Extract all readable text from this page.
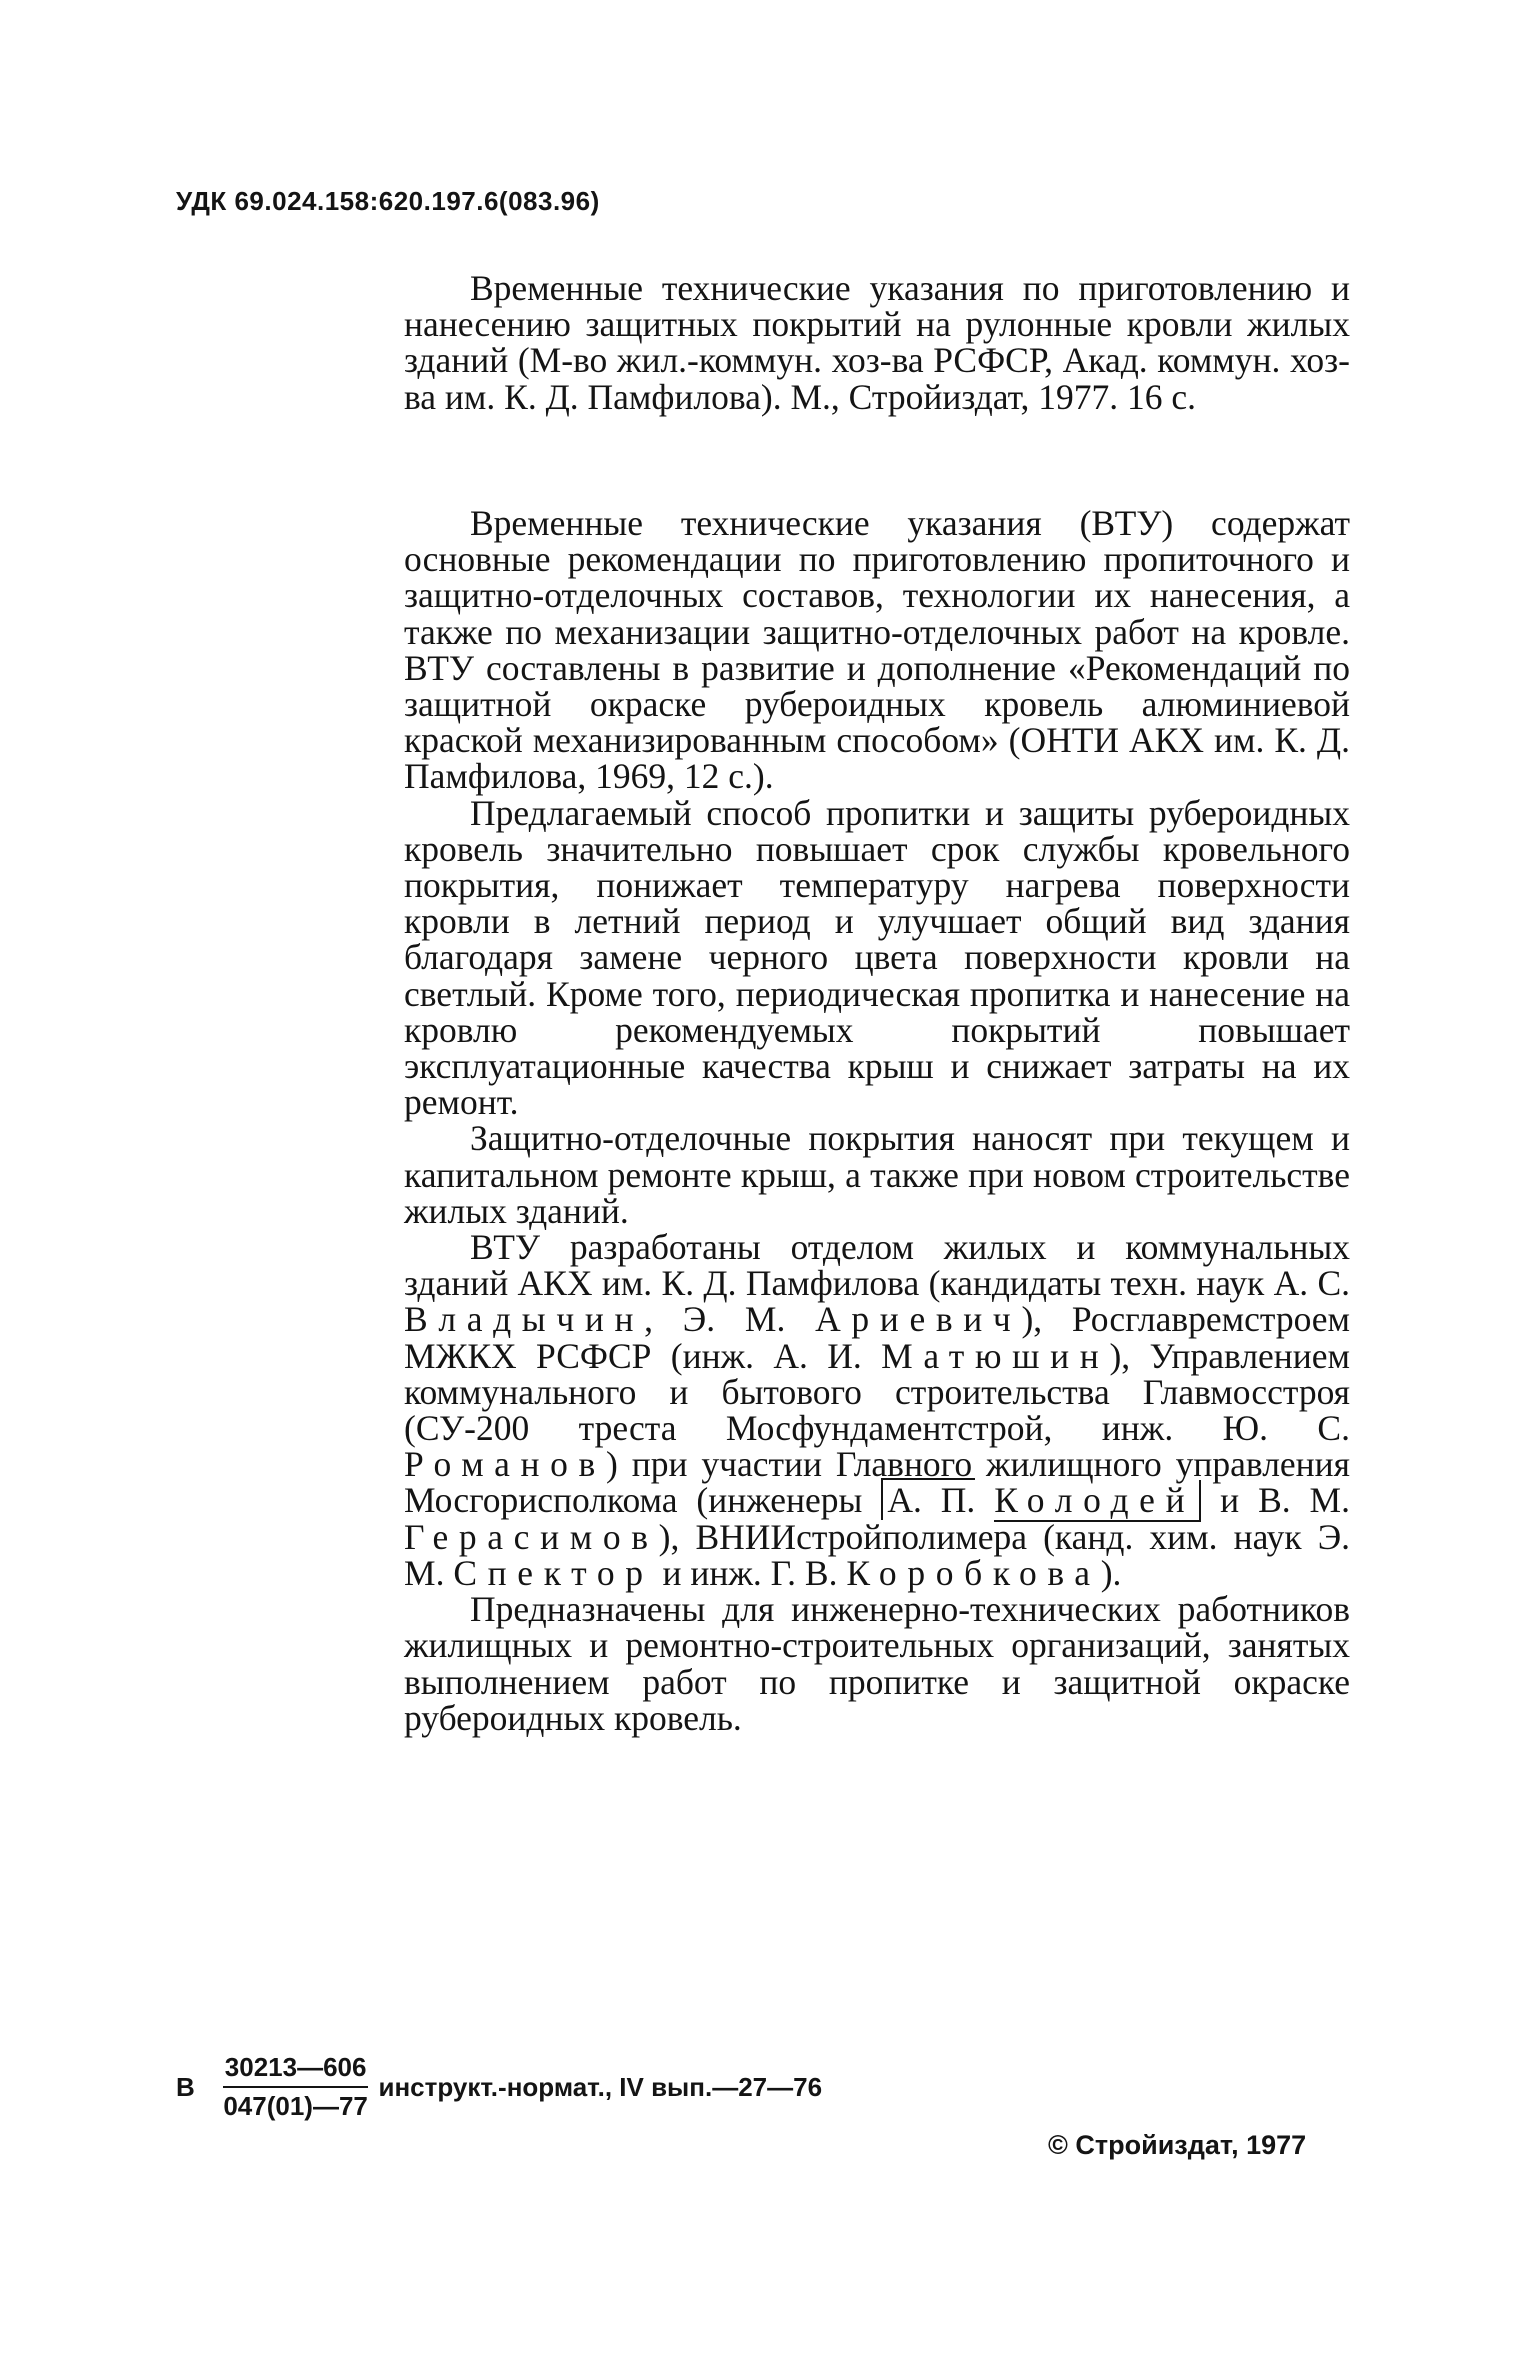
УДК 69.024.158:620.197.6(083.96)

Временные технические указания по приготовлению и нанесению защитных покрытий на рулонные кровли жилых зданий (М-во жил.-коммун. хоз-ва РСФСР, Акад. коммун. хоз-ва им. К. Д. Памфилова). М., Стройиздат, 1977. 16 с.

Временные технические указания (ВТУ) содержат основные рекомендации по приготовлению пропиточного и защитно-отделочных составов, технологии их нанесения, а также по механизации защитно-отделочных работ на кровле. ВТУ составлены в развитие и дополнение «Рекомендаций по защитной окраске рубероидных кровель алюминиевой краской механизированным способом» (ОНТИ АКХ им. К. Д. Памфилова, 1969, 12 с.).

Предлагаемый способ пропитки и защиты рубероидных кровель значительно повышает срок службы кровельного покрытия, понижает температуру нагрева поверхности кровли в летний период и улучшает общий вид здания благодаря замене черного цвета поверхности кровли на светлый. Кроме того, периодическая пропитка и нанесение на кровлю рекомендуемых покрытий повышает эксплуатационные качества крыш и снижает затраты на их ремонт.

Защитно-отделочные покрытия наносят при текущем и капитальном ремонте крыш, а также при новом строительстве жилых зданий.

ВТУ разработаны отделом жилых и коммунальных зданий АКХ им. К. Д. Памфилова (кандидаты техн. наук А. С. Владычин, Э. М. Ариевич), Росглавремстроем МЖКХ РСФСР (инж. А. И. Матюшин), Управлением коммунального и бытового строительства Главмосстроя (СУ-200 треста Мосфундаментстрой, инж. Ю. С. Романов) при участии Главного жилищного управления Мосгорисполкома (инженеры А. П. Колодей и В. М. Герасимов), ВНИИстройполимера (канд. хим. наук Э. М. Спектор и инж. Г. В. Коробкова).

Предназначены для инженерно-технических работников жилищных и ремонтно-строительных организаций, занятых выполнением работ по пропитке и защитной окраске рубероидных кровель.

В $\frac{30213—606}{047(01)—77}$ инструкт.-нормат., IV вып.—27—76
© Стройиздат, 1977
